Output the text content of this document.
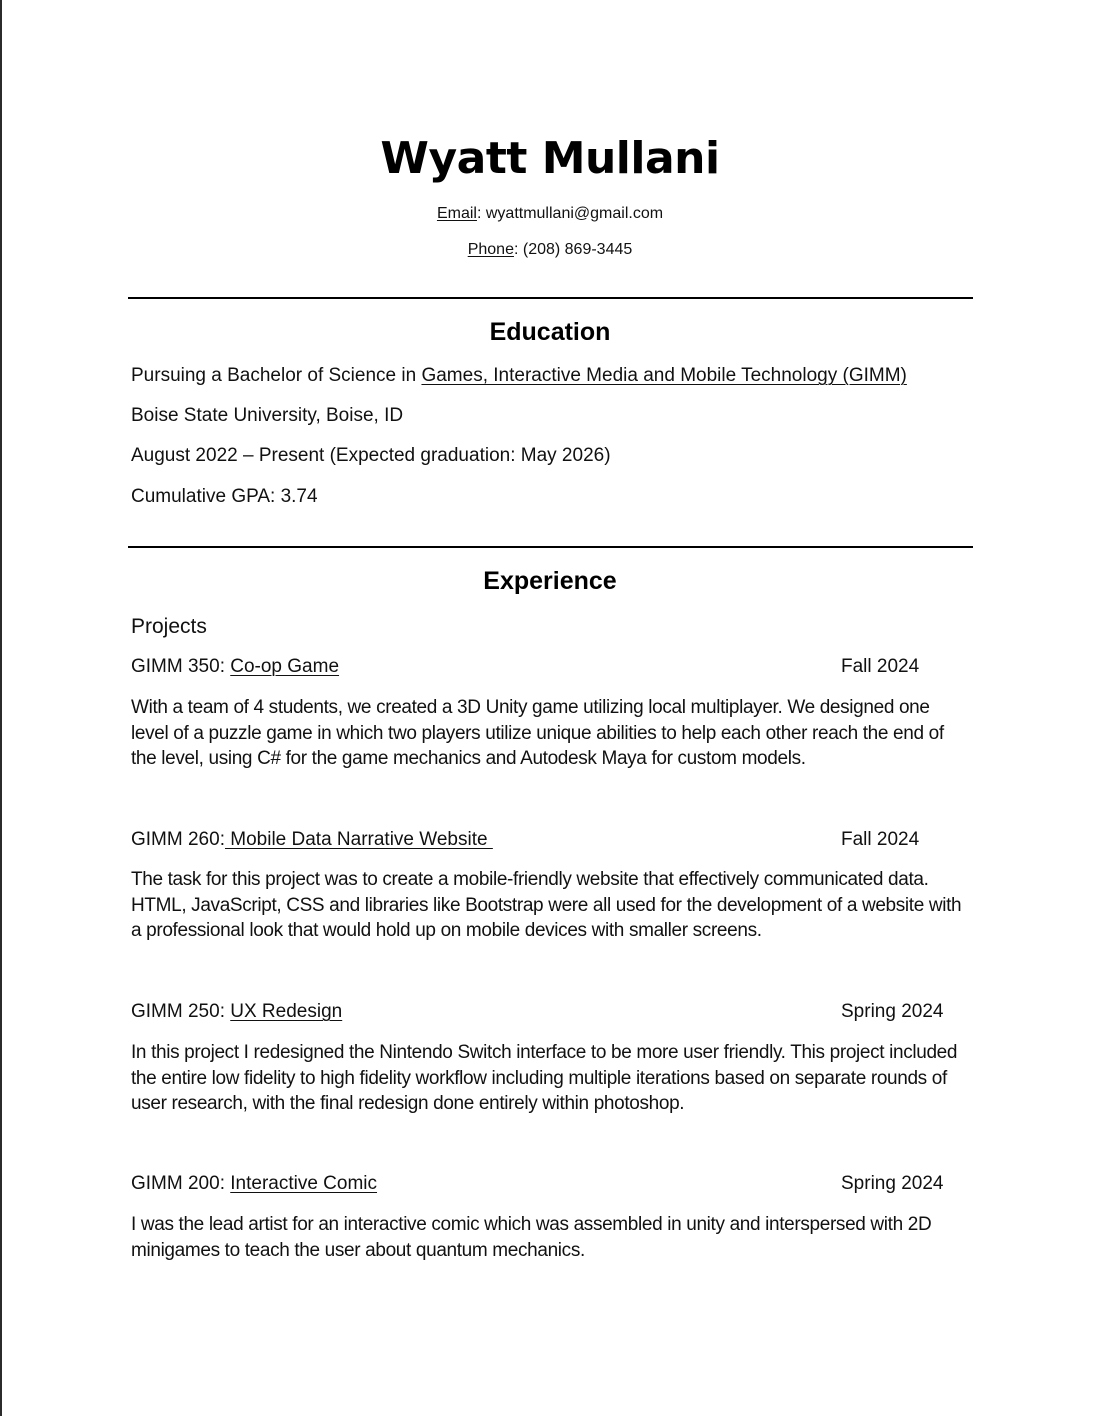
Wyatt Mullani
Email: wyattmullani@gmail.com
Phone: (208) 869-3445
Education
Pursuing a Bachelor of Science in Games, Interactive Media and Mobile Technology (GIMM)
Boise State University, Boise, ID
August 2022 – Present (Expected graduation: May 2026)
Cumulative GPA: 3.74
Experience
Projects
GIMM 350: Co-op Game	Fall 2024
With a team of 4 students, we created a 3D Unity game utilizing local multiplayer. We designed one level of a puzzle game in which two players utilize unique abilities to help each other reach the end of the level, using C# for the game mechanics and Autodesk Maya for custom models.
GIMM 260: Mobile Data Narrative Website	Fall 2024
The task for this project was to create a mobile-friendly website that effectively communicated data. HTML, JavaScript, CSS and libraries like Bootstrap were all used for the development of a website with a professional look that would hold up on mobile devices with smaller screens.
GIMM 250: UX Redesign	Spring 2024
In this project I redesigned the Nintendo Switch interface to be more user friendly. This project included the entire low fidelity to high fidelity workflow including multiple iterations based on separate rounds of user research, with the final redesign done entirely within photoshop.
GIMM 200: Interactive Comic	Spring 2024
I was the lead artist for an interactive comic which was assembled in unity and interspersed with 2D minigames to teach the user about quantum mechanics.
